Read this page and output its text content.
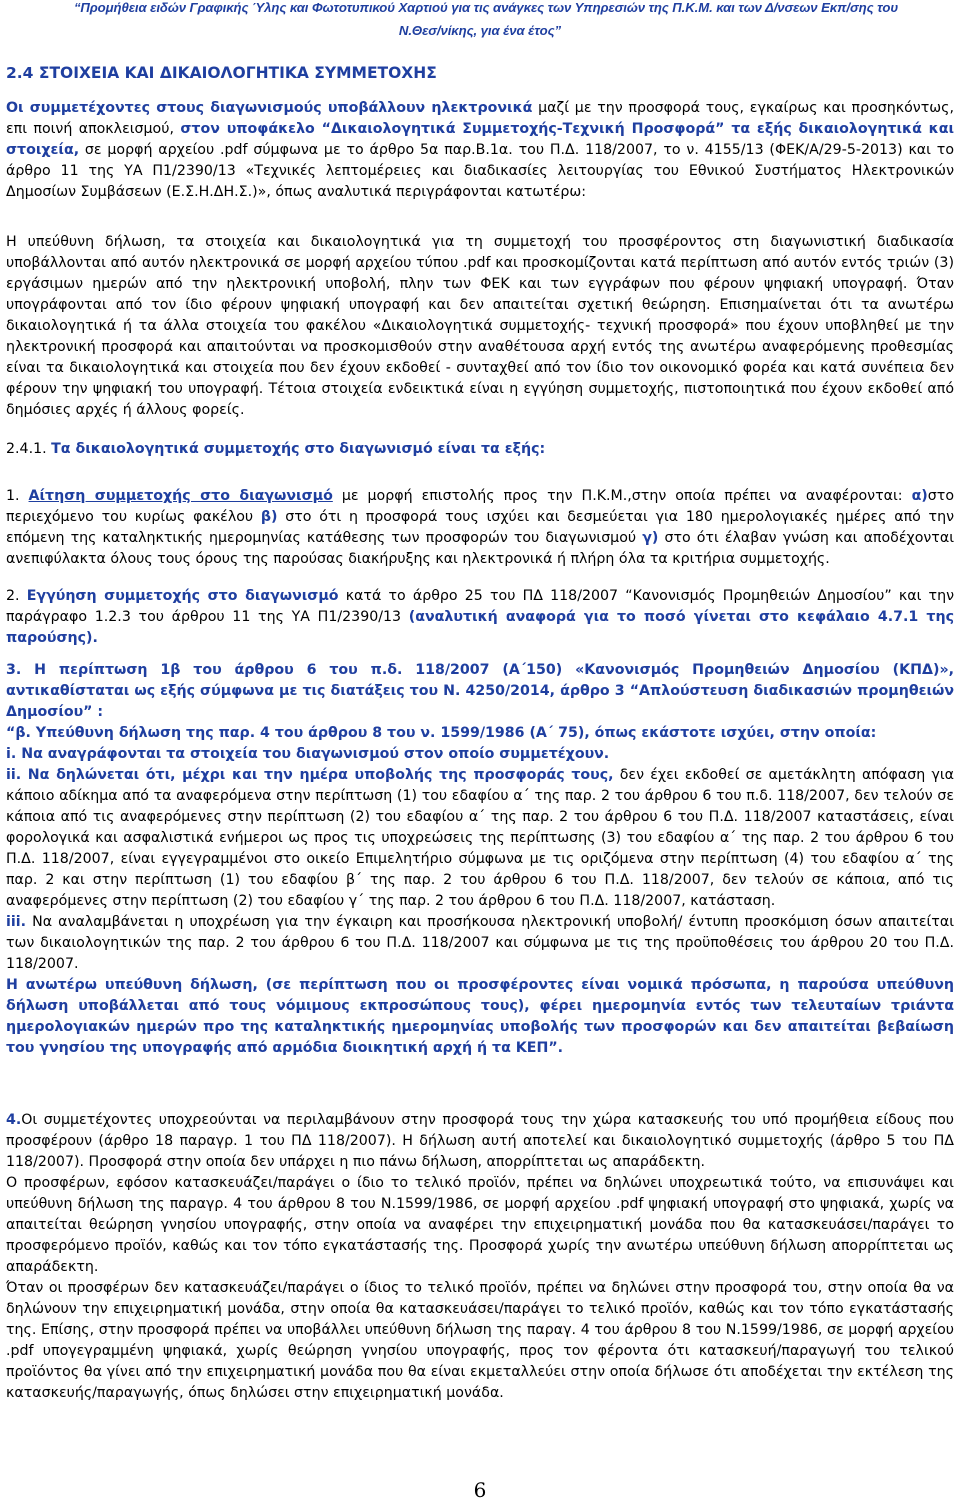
“Προμήθεια ειδών Γραφικής Ύλης και Φωτοτυπικού Χαρτιού για τις ανάγκες των Υπηρεσιών της Π.Κ.Μ. και των Δ/νσεων Εκπ/σης του
Ν.Θεσ/νίκης, για ένα έτος”
2.4 ΣΤΟΙΧΕΙΑ ΚΑΙ ΔΙΚΑΙΟΛΟΓΗΤΙΚΑ ΣΥΜΜΕΤΟΧΗΣ
Οι συμμετέχοντες στους διαγωνισμούς υποβάλλουν ηλεκτρονικά μαζί με την προσφορά τους, εγκαίρως και προσηκόντως, επι ποινή αποκλεισμού, στον υποφάκελο “Δικαιολογητικά Συμμετοχής-Τεχνική Προσφορά” τα εξής δικαιολογητικά και στοιχεία, σε μορφή αρχείου .pdf σύμφωνα με το άρθρο 5α παρ.Β.1α. του Π.Δ. 118/2007, το ν. 4155/13 (ΦΕΚ/Α/29-5-2013) και το άρθρο 11 της ΥΑ Π1/2390/13 «Τεχνικές λεπτομέρειες και διαδικασίες λειτουργίας του Εθνικού Συστήματος Ηλεκτρονικών Δημοσίων Συμβάσεων (Ε.Σ.Η.ΔΗ.Σ.)», όπως αναλυτικά περιγράφονται κατωτέρω:
Η υπεύθυνη δήλωση, τα στοιχεία και δικαιολογητικά για τη συμμετοχή του προσφέροντος στη διαγωνιστική διαδικασία υποβάλλονται από αυτόν ηλεκτρονικά σε μορφή αρχείου τύπου .pdf και προσκομίζονται κατά περίπτωση από αυτόν εντός τριών (3) εργάσιμων ημερών από την ηλεκτρονική υποβολή, πλην των ΦΕΚ και των εγγράφων που φέρουν ψηφιακή υπογραφή. Όταν υπογράφονται από τον ίδιο φέρουν ψηφιακή υπογραφή και δεν απαιτείται σχετική θεώρηση. Επισημαίνεται ότι τα ανωτέρω δικαιολογητικά ή τα άλλα στοιχεία του φακέλου «Δικαιολογητικά συμμετοχής- τεχνική προσφορά» που έχουν υποβληθεί με την ηλεκτρονική προσφορά και απαιτούνται να προσκομισθούν στην αναθέτουσα αρχή εντός της ανωτέρω αναφερόμενης προθεσμίας είναι τα δικαιολογητικά και στοιχεία που δεν έχουν εκδοθεί - συνταχθεί από τον ίδιο τον οικονομικό φορέα και κατά συνέπεια δεν φέρουν την ψηφιακή του υπογραφή. Τέτοια στοιχεία ενδεικτικά είναι η εγγύηση συμμετοχής, πιστοποιητικά που έχουν εκδοθεί από δημόσιες αρχές ή άλλους φορείς.
2.4.1. Τα δικαιολογητικά συμμετοχής στο διαγωνισμό είναι τα εξής:
1. Αίτηση συμμετοχής στο διαγωνισμό με μορφή επιστολής προς την Π.Κ.Μ.,στην οποία πρέπει να αναφέρονται: α)στο περιεχόμενο του κυρίως φακέλου β) στο ότι η προσφορά τους ισχύει και δεσμεύεται για 180 ημερολογιακές ημέρες από την επόμενη της καταληκτικής ημερομηνίας κατάθεσης των προσφορών του διαγωνισμού γ) στο ότι έλαβαν γνώση και αποδέχονται ανεπιφύλακτα όλους τους όρους της παρούσας διακήρυξης και ηλεκτρονικά ή πλήρη όλα τα κριτήρια συμμετοχής.
2. Εγγύηση συμμετοχής στο διαγωνισμό κατά το άρθρο 25 του ΠΔ 118/2007 “Κανονισμός Προμηθειών Δημοσίου” και την παράγραφο 1.2.3 του άρθρου 11 της ΥΑ Π1/2390/13 (αναλυτική αναφορά για το ποσό γίνεται στο κεφάλαιο 4.7.1 της παρούσης).
3. Η περίπτωση 1β του άρθρου 6 του π.δ. 118/2007 (Α΄150) «Κανονισμός Προμηθειών Δημοσίου (ΚΠΔ)», αντικαθίσταται ως εξής σύμφωνα με τις διατάξεις του Ν. 4250/2014, άρθρο 3 “Απλούστευση διαδικασιών προμηθειών Δημοσίου” :
“β. Υπεύθυνη δήλωση της παρ. 4 του άρθρου 8 του ν. 1599/1986 (Α΄ 75), όπως εκάστοτε ισχύει, στην οποία:
i. Να αναγράφονται τα στοιχεία του διαγωνισμού στον οποίο συμμετέχουν.
ii. Να δηλώνεται ότι, μέχρι και την ημέρα υποβολής της προσφοράς τους, δεν έχει εκδοθεί σε αμετάκλητη απόφαση για κάποιο αδίκημα από τα αναφερόμενα στην περίπτωση (1) του εδαφίου α΄ της παρ. 2 του άρθρου 6 του π.δ. 118/2007, δεν τελούν σε κάποια από τις αναφερόμενες στην περίπτωση (2) του εδαφίου α΄ της παρ. 2 του άρθρου 6 του Π.Δ. 118/2007 καταστάσεις, είναι φορολογικά και ασφαλιστικά ενήμεροι ως προς τις υποχρεώσεις της περίπτωσης (3) του εδαφίου α΄ της παρ. 2 του άρθρου 6 του Π.Δ. 118/2007, είναι εγγεγραμμένοι στο οικείο Επιμελητήριο σύμφωνα με τις οριζόμενα στην περίπτωση (4) του εδαφίου α΄ της παρ. 2 και στην περίπτωση (1) του εδαφίου β΄ της παρ. 2 του άρθρου 6 του Π.Δ. 118/2007, δεν τελούν σε κάποια, από τις αναφερόμενες στην περίπτωση (2) του εδαφίου γ΄ της παρ. 2 του άρθρου 6 του Π.Δ. 118/2007, κατάσταση.
iii. Να αναλαμβάνεται η υποχρέωση για την έγκαιρη και προσήκουσα ηλεκτρονική υποβολή/ έντυπη προσκόμιση όσων απαιτείται των δικαιολογητικών της παρ. 2 του άρθρου 6 του Π.Δ. 118/2007 και σύμφωνα με τις της προϋποθέσεις του άρθρου 20 του Π.Δ. 118/2007.
Η ανωτέρω υπεύθυνη δήλωση, (σε περίπτωση που οι προσφέροντες είναι νομικά πρόσωπα, η παρούσα υπεύθυνη δήλωση υποβάλλεται από τους νόμιμους εκπροσώπους τους), φέρει ημερομηνία εντός των τελευταίων τριάντα ημερολογιακών ημερών προ της καταληκτικής ημερομηνίας υποβολής των προσφορών και δεν απαιτείται βεβαίωση του γνησίου της υπογραφής από αρμόδια διοικητική αρχή ή τα ΚΕΠ”.
4.Οι συμμετέχοντες υποχρεούνται να περιλαμβάνουν στην προσφορά τους την χώρα κατασκευής του υπό προμήθεια είδους που προσφέρουν (άρθρο 18 παραγρ. 1 του ΠΔ 118/2007). Η δήλωση αυτή αποτελεί και δικαιολογητικό συμμετοχής (άρθρο 5 του ΠΔ 118/2007). Προσφορά στην οποία δεν υπάρχει η πιο πάνω δήλωση, απορρίπτεται ως απαράδεκτη.
Ο προσφέρων, εφόσον κατασκευάζει/παράγει ο ίδιο το τελικό προϊόν, πρέπει να δηλώνει υποχρεωτικά τούτο, να επισυνάψει και υπεύθυνη δήλωση της παραγρ. 4 του άρθρου 8 του Ν.1599/1986, σε μορφή αρχείου .pdf ψηφιακή υπογραφή στο ψηφιακά, χωρίς να απαιτείται θεώρηση γνησίου υπογραφής, στην οποία να αναφέρει την επιχειρηματική μονάδα που θα κατασκευάσει/παράγει το προσφερόμενο προϊόν, καθώς και τον τόπο εγκατάστασής της. Προσφορά χωρίς την ανωτέρω υπεύθυνη δήλωση απορρίπτεται ως απαράδεκτη.
Όταν οι προσφέρων δεν κατασκευάζει/παράγει ο ίδιος το τελικό προϊόν, πρέπει να δηλώνει στην προσφορά του, στην οποία θα να δηλώνουν την επιχειρηματική μονάδα, στην οποία θα κατασκευάσει/παράγει το τελικό προϊόν, καθώς και τον τόπο εγκατάστασής της. Επίσης, στην προσφορά πρέπει να υποβάλλει υπεύθυνη δήλωση της παραγ. 4 του άρθρου 8 του Ν.1599/1986, σε μορφή αρχείου .pdf υπογεγραμμένη ψηφιακά, χωρίς θεώρηση γνησίου υπογραφής, προς τον φέροντα ότι κατασκευή/παραγωγή του τελικού προϊόντος θα γίνει από την επιχειρηματική μονάδα που θα είναι εκμεταλλεύει στην οποία δήλωσε ότι αποδέχεται την εκτέλεση της κατασκευής/παραγωγής, όπως δηλώσει στην επιχειρηματική μονάδα.
6
